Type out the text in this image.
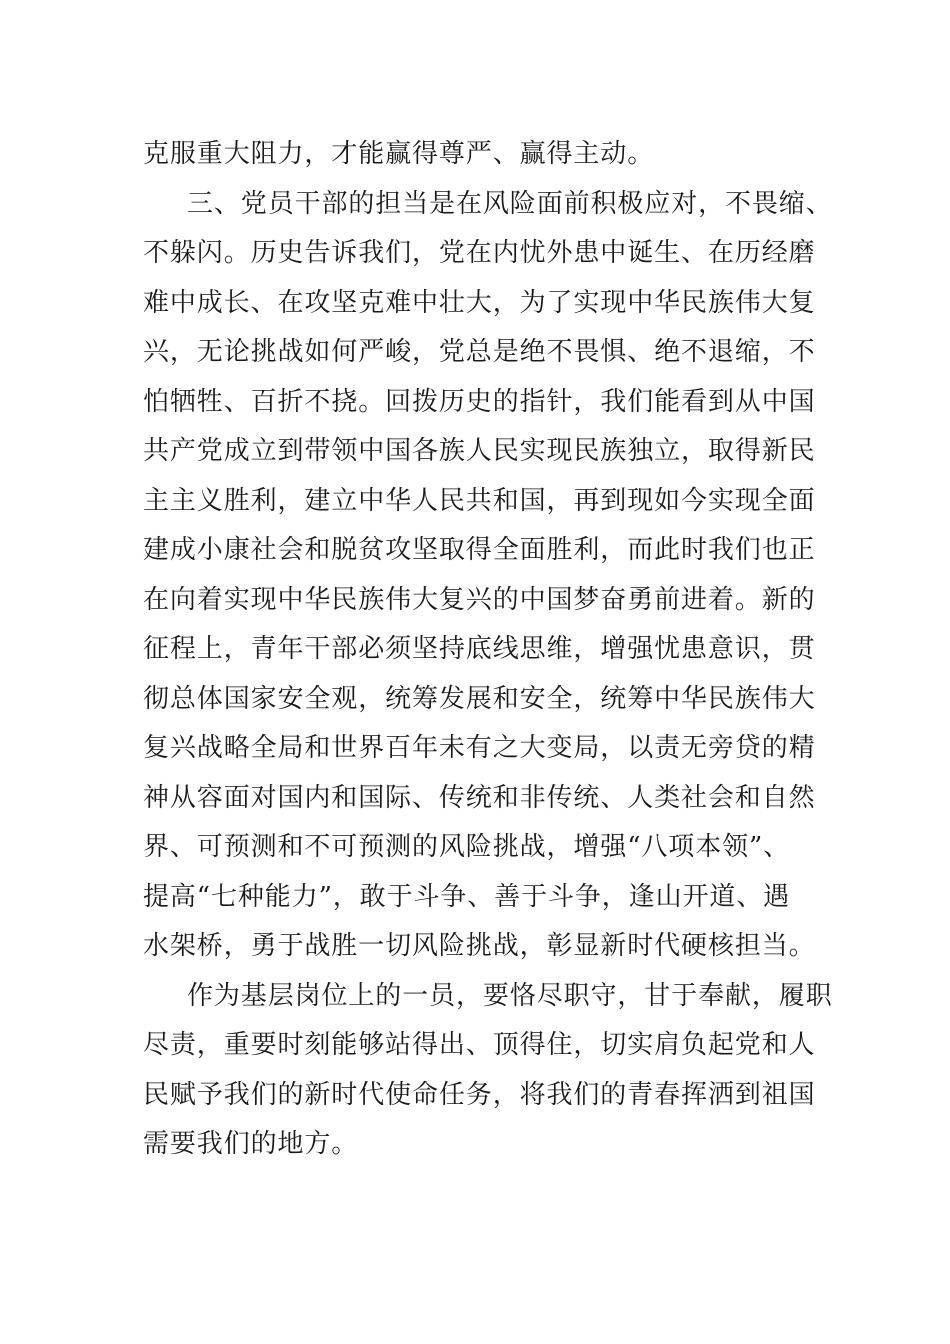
克服重大阻力，才能赢得尊严、赢得主动。
三、党员干部的担当是在风险面前积极应对，不畏缩、
不躲闪。历史告诉我们，党在内忧外患中诞生、在历经磨
难中成长、在攻坚克难中壮大，为了实现中华民族伟大复
兴，无论挑战如何严峻，党总是绝不畏惧、绝不退缩，不
怕牺牲、百折不挠。回拨历史的指针，我们能看到从中国
共产党成立到带领中国各族人民实现民族独立，取得新民
主主义胜利，建立中华人民共和国，再到现如今实现全面
建成小康社会和脱贫攻坚取得全面胜利，而此时我们也正
在向着实现中华民族伟大复兴的中国梦奋勇前进着。新的
征程上，青年干部必须坚持底线思维，增强忧患意识，贯
彻总体国家安全观，统筹发展和安全，统筹中华民族伟大
复兴战略全局和世界百年未有之大变局，以责无旁贷的精
神从容面对国内和国际、传统和非传统、人类社会和自然
界、可预测和不可预测的风险挑战，增强“八项本领”、
提高“七种能力”，敢于斗争、善于斗争，逢山开道、遇
水架桥，勇于战胜一切风险挑战，彰显新时代硬核担当。
作为基层岗位上的一员，要恪尽职守，甘于奉献，履职
尽责，重要时刻能够站得出、顶得住，切实肩负起党和人
民赋予我们的新时代使命任务，将我们的青春挥洒到祖国
需要我们的地方。
